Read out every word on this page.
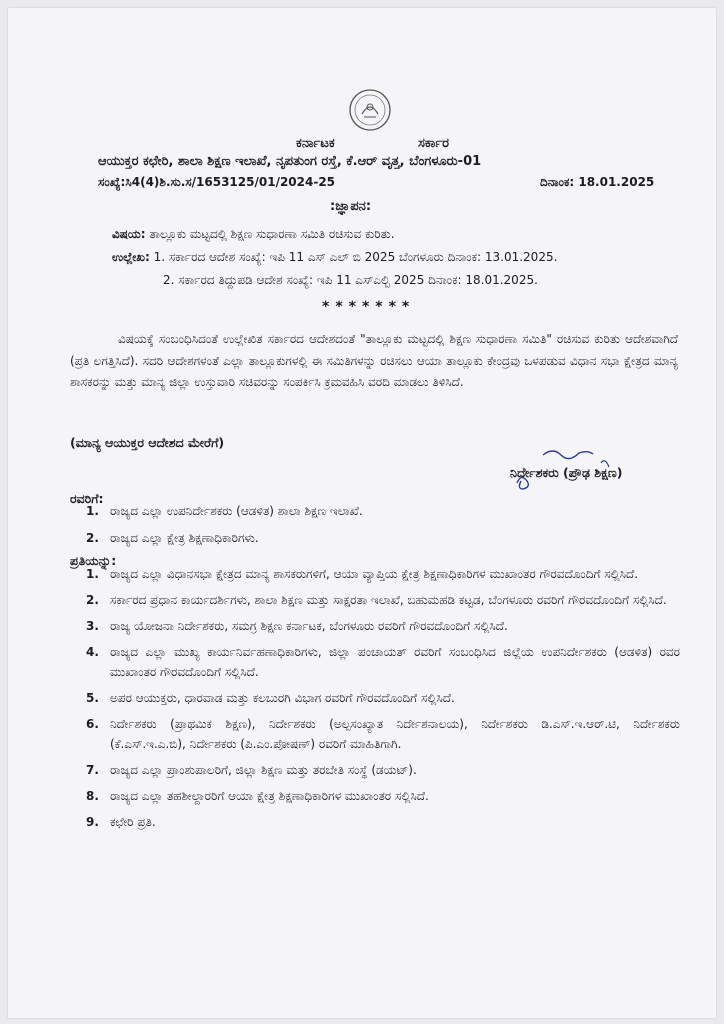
ಕರ್ನಾಟಕ	ಸರ್ಕಾರ
ಆಯುಕ್ತರ ಕಛೇರಿ, ಶಾಲಾ ಶಿಕ್ಷಣ ಇಲಾಖೆ, ನೃಪತುಂಗ ರಸ್ತೆ, ಕೆ.ಆರ್ ವೃತ್ತ, ಬೆಂಗಳೂರು-01
ಸಂಖ್ಯೆ:ಸಿ4(4)ಶಿ.ಸು.ಸ/1653125/01/2024-25	ದಿನಾಂಕ: 18.01.2025
:ಜ್ಞಾಪನ:
ವಿಷಯ: ತಾಲ್ಲೂಕು ಮಟ್ಟದಲ್ಲಿ ಶಿಕ್ಷಣ ಸುಧಾರಣಾ ಸಮಿತಿ ರಚಿಸುವ ಕುರಿತು.
ಉಲ್ಲೇಖ: 1. ಸರ್ಕಾರದ ಆದೇಶ ಸಂಖ್ಯೆ: ಇಪಿ 11 ಎಸ್ ಎಲ್ ಬಿ 2025 ಬೆಂಗಳೂರು ದಿನಾಂಕ: 13.01.2025.
2. ಸರ್ಕಾರದ ತಿದ್ದುಪಡಿ ಆದೇಶ ಸಂಖ್ಯೆ: ಇಪಿ 11 ಎಸ್ಎಲ್ಬಿ 2025 ದಿನಾಂಕ: 18.01.2025.
*******
ವಿಷಯಕ್ಕೆ ಸಂಬಂಧಿಸಿದಂತೆ ಉಲ್ಲೇಖಿತ ಸರ್ಕಾರದ ಆದೇಶದಂತೆ "ತಾಲ್ಲೂಕು ಮಟ್ಟದಲ್ಲಿ ಶಿಕ್ಷಣ ಸುಧಾರಣಾ ಸಮಿತಿ" ರಚಿಸುವ ಕುರಿತು ಆದೇಶವಾಗಿದೆ (ಪ್ರತಿ ಲಗತ್ತಿಸಿದೆ). ಸದರಿ ಆದೇಶಗಳಂತೆ ಎಲ್ಲಾ ತಾಲ್ಲೂಕುಗಳಲ್ಲಿ ಈ ಸಮಿತಿಗಳನ್ನು ರಚಿಸಲು ಆಯಾ ತಾಲ್ಲೂಕು ಕೇಂದ್ರವು ಒಳಪಡುವ ವಿಧಾನ ಸಭಾ ಕ್ಷೇತ್ರದ ಮಾನ್ಯ ಶಾಸಕರನ್ನು ಮತ್ತು ಮಾನ್ಯ ಜಿಲ್ಲಾ ಉಸ್ತುವಾರಿ ಸಚಿವರನ್ನು ಸಂಪರ್ಕಿಸಿ ಕ್ರಮವಹಿಸಿ ವರದಿ ಮಾಡಲು ತಿಳಿಸಿದೆ.
(ಮಾನ್ಯ ಆಯುಕ್ತರ ಆದೇಶದ ಮೇರೆಗೆ)
ನಿರ್ದೇಶಕರು (ಪ್ರೌಢ ಶಿಕ್ಷಣ)
ರವರಿಗೆ:
1. ರಾಜ್ಯದ ಎಲ್ಲಾ ಉಪನಿರ್ದೇಶಕರು (ಆಡಳಿತ) ಶಾಲಾ ಶಿಕ್ಷಣ ಇಲಾಖೆ.
2. ರಾಜ್ಯದ ಎಲ್ಲಾ ಕ್ಷೇತ್ರ ಶಿಕ್ಷಣಾಧಿಕಾರಿಗಳು.
ಪ್ರತಿಯನ್ನು:
1. ರಾಜ್ಯದ ಎಲ್ಲಾ ವಿಧಾನಸಭಾ ಕ್ಷೇತ್ರದ ಮಾನ್ಯ ಶಾಸಕರುಗಳಿಗೆ, ಆಯಾ ವ್ಯಾಪ್ತಿಯ ಕ್ಷೇತ್ರ ಶಿಕ್ಷಣಾಧಿಕಾರಿಗಳ ಮುಖಾಂತರ ಗೌರವದೊಂದಿಗೆ ಸಲ್ಲಿಸಿದೆ.
2. ಸರ್ಕಾರದ ಪ್ರಧಾನ ಕಾರ್ಯದರ್ಶಿಗಳು, ಶಾಲಾ ಶಿಕ್ಷಣ ಮತ್ತು ಸಾಕ್ಷರತಾ ಇಲಾಖೆ, ಬಹುಮಹಡಿ ಕಟ್ಟಡ, ಬೆಂಗಳೂರು ರವರಿಗೆ ಗೌರವದೊಂದಿಗೆ ಸಲ್ಲಿಸಿದೆ.
3. ರಾಜ್ಯ ಯೋಜನಾ ನಿರ್ದೇಶಕರು, ಸಮಗ್ರ ಶಿಕ್ಷಣ ಕರ್ನಾಟಕ, ಬೆಂಗಳೂರು ರವರಿಗೆ ಗೌರವದೊಂದಿಗೆ ಸಲ್ಲಿಸಿದೆ.
4. ರಾಜ್ಯದ ಎಲ್ಲಾ ಮುಖ್ಯ ಕಾರ್ಯನಿರ್ವಹಣಾಧಿಕಾರಿಗಳು, ಜಿಲ್ಲಾ ಪಂಚಾಯತ್ ರವರಿಗೆ ಸಂಬಂಧಿಸಿದ ಜಿಲ್ಲೆಯ ಉಪನಿರ್ದೇಶಕರು (ಆಡಳಿತ) ರವರ ಮುಖಾಂತರ ಗೌರವದೊಂದಿಗೆ ಸಲ್ಲಿಸಿದೆ.
5. ಅಪರ ಆಯುಕ್ತರು, ಧಾರವಾಡ ಮತ್ತು ಕಲಬುರಗಿ ವಿಭಾಗ ರವರಿಗೆ ಗೌರವದೊಂದಿಗೆ ಸಲ್ಲಿಸಿದೆ.
6. ನಿರ್ದೇಶಕರು (ಪ್ರಾಥಮಿಕ ಶಿಕ್ಷಣ), ನಿರ್ದೇಶಕರು (ಅಲ್ಪಸಂಖ್ಯಾತ ನಿರ್ದೇಶನಾಲಯ), ನಿರ್ದೇಶಕರು ಡಿ.ಎಸ್.ಇ.ಆರ್.ಟಿ, ನಿರ್ದೇಶಕರು (ಕೆ.ಎಸ್.ಇ.ಎ.ಬಿ), ನಿರ್ದೇಶಕರು (ಪಿ.ಎಂ.ಪೋಷಣ್) ರವರಿಗೆ ಮಾಹಿತಿಗಾಗಿ.
7. ರಾಜ್ಯದ ಎಲ್ಲಾ ಪ್ರಾಂಶುಪಾಲರಿಗೆ, ಜಿಲ್ಲಾ ಶಿಕ್ಷಣ ಮತ್ತು ತರಬೇತಿ ಸಂಸ್ಥೆ (ಡಯಟ್).
8. ರಾಜ್ಯದ ಎಲ್ಲಾ ತಹಶೀಲ್ದಾರರಿಗೆ ಆಯಾ ಕ್ಷೇತ್ರ ಶಿಕ್ಷಣಾಧಿಕಾರಿಗಳ ಮುಖಾಂತರ ಸಲ್ಲಿಸಿದೆ.
9. ಕಛೇರಿ ಪ್ರತಿ.
